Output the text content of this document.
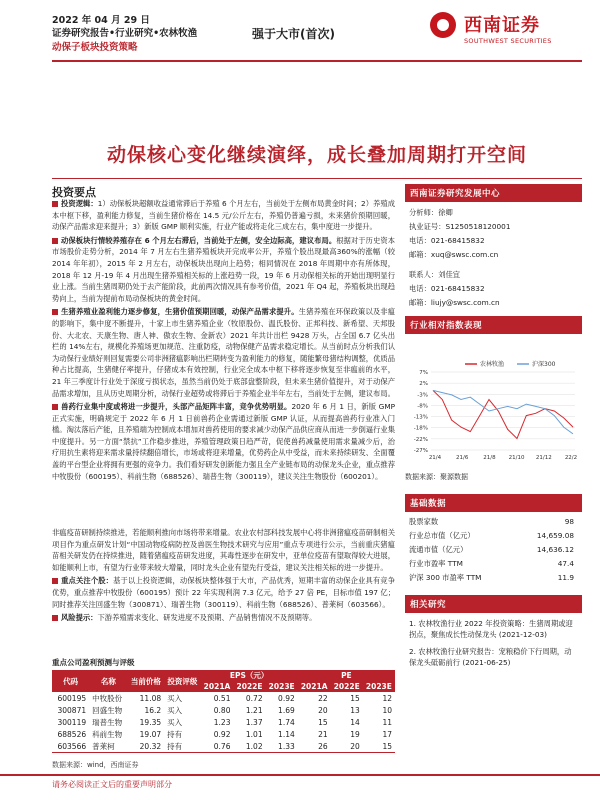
2022 年 04 月 29 日
证券研究报告•行业研究•农林牧渔
动保子板块投资策略
强于大市(首次)	西南证券
SOUTHWEST SECURITIES
动保核心变化继续演绎，成长叠加周期打开空间
投资要点

投资逻辑：1）动保板块超额收益通常滞后于养殖 6 个月左右，当前处于左侧布局黄金时间；2）养殖成本中枢下移，盈利能力修复，当前生猪价格在 14.5 元/公斤左右，养殖仍普遍亏损，未来猪价预期回暖，动保产品需求迎来提升；3）新版 GMP 顺利实施，行业产能或将走化三成左右，集中度进一步提升。

动保板块行情较养殖存在 6 个月左右滞后，当前处于左侧，安全边际高，建议布局。根据对于历史资本市场股价走势分析，2014 年 7 月左右生猪养殖板块开完成率公开，养殖个股出现最高360%的涨幅（较 2014 年年初），2015 年 2 月左右，动保板块出现向上趋势；相同情况在 2018 年周期中亦有所体现，2018 年 12 月-19 年 4 月出现生猪养殖相关标的上涨趋势一段，19 年 6 月动保相关标的开始出现明显行业上涨。当前生猪周期仍处于去产能阶段，此前两次情况具有参考价值，2021 年 Q4 起，养殖板块出现趋势向上，当前为提前布局动保板块的黄金时间。

生猪养殖业盈利能力逐步修复，生猪价值预期回暖，动保产品需求提升。生猪养殖在环保政策以及非瘟的影响下，集中度不断提升，十家上市生猪养殖企业（牧原股份、温氏股份、正邦科技、新希望、天邦股份、大北农、天康生物、唐人神、傲农生物、金新农）2021 年共计出栏 9428 万头，占全国 6.7 亿头出栏的 14%左右，规模化养殖场更加规范、注重防疫，动物保健产品需求稳定增长。从当前时点分析我们认为动保行业绩好则回复需要公司非洲猪瘟影响出栏期转变为盈利能力的修复，随能繁母猪结构调整，优质品种占比提高，生猪健仔率提升，仔猪成本有效控制，行业完全成本中枢下移将逐步恢复至非瘟前的水平，21 年三季度计行业处于深度亏损状态，虽然当前仍处于底部盘整阶段，但未来生猪价值提升，对于动保产品需求增加，且从历史周期分析，动保行业超势或将滞后于养殖企业半年左右，当前处于左侧，建议布局。

兽药行业集中度或将进一步提升，头部产品矩阵丰富，竞争优势明显。2020 年 6 月 1 日，新版 GMP 正式实施，明确规定于 2022 年 6 月 1 日前兽药企业需通过新版 GMP 认证，从而提高兽药行业准入门槛。淘汰落后产能，且养殖端为控制成本增加对兽药使用的要求减少动保产品供应商从而进一步倒逼行业集中度提升。另一方面“禁抗”工作稳步推进，养殖管理政策日趋严苛，促使兽药减量使用需求量减少后，治疗用抗生素将迎来需求量持续翻倍增长，市场或将迎来增量，优势药企从中受益，而未来持续研发、全面覆盖的平台型企业将拥有更强的竞争力。我们看好研发创新能力强且全产业链布局的动保龙头企业，重点推荐中牧股份（600195）、科前生物（688526）、瑞普生物（300119），建议关注生物股份（600201）。

西南证券研究发展中心
分析师：徐卿
执业证号：S1250518120001
电话：021-68415832
邮箱：xuq@swsc.com.cn
联系人：刘佳宜
电话：021-68415832
邮箱：liujy@swsc.com.cn
行业相对指数表现
7%
2%
-3%
-8%
-13%
-18%
-22%
-27%
21/4	21/6	21/8 21/10 21/12 22/2
农林牧渔	沪深300
数据来源：聚源数据
基础数据
股票家数	98
行业总市值（亿元）	14,659.08
流通市值（亿元）	14,636.12
行业市盈率 TTM	47.4
沪深 300 市盈率 TTM	11.9
相关研究
1. 农林牧渔行业 2022 年投资策略：生猪周期或迎拐点，聚焦成长性动保龙头 (2021-12-03)
2. 农林牧渔行业研究报告：宠粮稳价下行周期，动保龙头砥砺前行 (2021-06-25)

非瘟疫苗研制持续推进，若能顺利推向市场将带来增量。农业农村部科技发展中心将非洲猪瘟疫苗研制相关项目作为重点研发计划“中国动物疫病防控及兽医生物技术研究与应用”重点专项进行公示，当前重庆猪瘟苗相关研发仍在持续推进，随着猪瘟疫苗研发进度，其毒性逐步在研发中，亚单位疫苗有望取得较大进展，如能顺利上市，有望为行业带来较大增量，同时龙头企业有望先行受益，建议关注相关标的进一步提升。

重点关注个股：基于以上投资逻辑，动保板块整体强于大市，产品优秀，短期丰富的动保企业具有竞争优势，重点推荐中牧股份（600195）预计 22 年实现利润 7.3 亿元，给予 27 倍 PE，目标市值 197 亿；同时推荐关注回盛生物（300871）、瑞普生物（300119）、科前生物（688526）、普莱柯（603566）。

风险提示：下游养殖需求变化、研发进度不及预期、产品销售情况不及预期等。

重点公司盈利预测与评级
代码	名称	当前价格	投资评级	EPS（元）			PE		
				2021A	2022E	2023E	2021A	2022E	2023E
600195	中牧股份	11.08	买入	0.51	0.72	0.92	22	15	12
300871	回盛生物	16.2	买入	0.80	1.21	1.69	20	13	10
300119	瑞普生物	19.35	买入	1.23	1.37	1.74	15	14	11
688526	科前生物	19.07	持有	0.92	1.01	1.14	21	19	17
603566	普莱柯	20.32	持有	0.76	1.02	1.33	26	20	15
数据来源：wind，西南证券
请务必阅读正文后的重要声明部分
